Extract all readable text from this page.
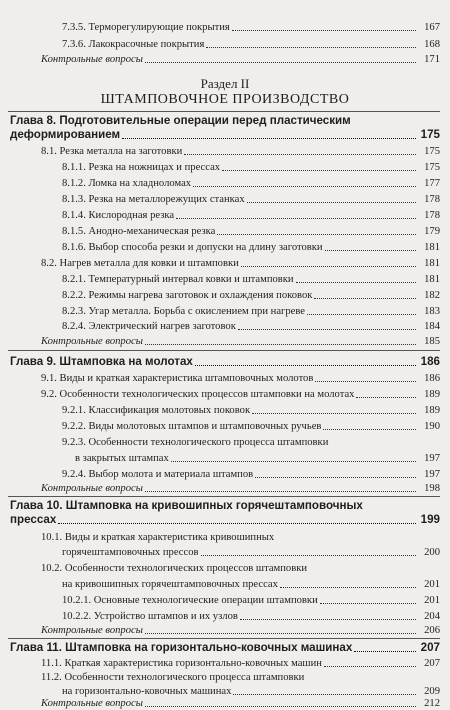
7.3.5. Терморегулирующие покрытия	167
7.3.6. Лакокрасочные покрытия	168
Контрольные вопросы	171
Раздел II
ШТАМПОВОЧНОЕ ПРОИЗВОДСТВО
Глава 8. Подготовительные операции перед пластическим
деформированием	175
8.1. Резка металла на заготовки	175
8.1.1. Резка на ножницах и прессах	175
8.1.2. Ломка на хладноломах	177
8.1.3. Резка на металлорежущих станках	178
8.1.4. Кислородная резка	178
8.1.5. Анодно-механическая резка	179
8.1.6. Выбор способа резки и допуски на длину заготовки	181
8.2. Нагрев металла для ковки и штамповки	181
8.2.1. Температурный интервал ковки и штамповки	181
8.2.2. Режимы нагрева заготовок и охлаждения поковок	182
8.2.3. Угар металла. Борьба с окислением при нагреве	183
8.2.4. Электрический нагрев заготовок	184
Контрольные вопросы	185
Глава 9. Штамповка на молотах	186
9.1. Виды и краткая характеристика штамповочных молотов	186
9.2. Особенности технологических процессов штамповки на молотах	189
9.2.1. Классификация молотовых поковок	189
9.2.2. Виды молотовых штампов и штамповочных ручьев	190
9.2.3. Особенности технологического процесса штамповки
в закрытых штампах	197
9.2.4. Выбор молота и материала штампов	197
Контрольные вопросы	198
Глава 10. Штамповка на кривошипных горячештамповочных
прессах	199
10.1. Виды и краткая характеристика кривошипных
горячештамповочных прессов	200
10.2. Особенности технологических процессов штамповки
на кривошипных горячештамповочных прессах	201
10.2.1. Основные технологические операции штамповки	201
10.2.2. Устройство штампов и их узлов	204
Контрольные вопросы	206
Глава 11. Штамповка на горизонтально-ковочных машинах	207
11.1. Краткая характеристика горизонтально-ковочных машин	207
11.2. Особенности технологического процесса штамповки
на горизонтально-ковочных машинах	209
Контрольные вопросы	212
